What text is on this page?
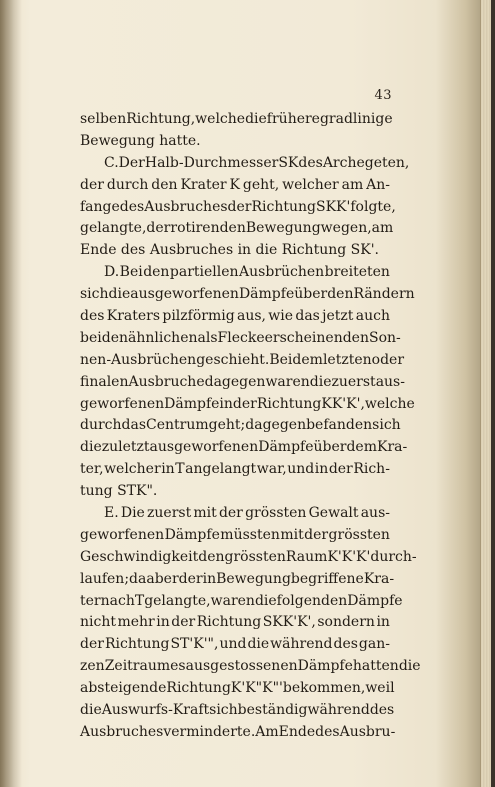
43
selben Richtung, welche die frühere gradlinige
Bewegung hatte.
C. Der Halb-Durchmesser SK des Archegeten,
der durch den Krater K geht, welcher am An-
fange des Ausbruches der Richtung SKK' folgte,
gelangte, der rotirenden Bewegung wegen, am
Ende des Ausbruches in die Richtung SK'.
D. Bei den partiellen Ausbrüchen breiteten
sich die ausgeworfenen Dämpfe über den Rändern
des Kraters pilzförmig aus, wie das jetzt auch
bei den ähnlichen als Flecke erscheinenden Son-
nen-Ausbrüchen geschieht. Bei dem letzten oder
finalen Ausbruche dagegen waren die zuerst aus-
geworfenen Dämpfe in der Richtung KK'K', welche
durch das Centrum geht; dagegen befanden sich
die zuletzt ausgeworfenen Dämpfe über dem Kra-
ter, welcher in T angelangt war, und in der Rich-
tung STK".
E. Die zuerst mit der grössten Gewalt aus-
geworfenen Dämpfe müssten mit der grössten
Geschwindigkeit den grössten Raum K'K'K' durch-
laufen; da aber der in Bewegung begriffene Kra-
ter nach T gelangte, waren die folgenden Dämpfe
nicht mehr in der Richtung SKK'K', sondern in
der Richtung ST'K'", und die während des gan-
zen Zeitraumes ausgestossenen Dämpfe hatten die
absteigende Richtung K'K"K"' bekommen, weil
die Auswurfs-Kraft sich beständig während des
Ausbruches verminderte. Am Ende des Ausbru-
